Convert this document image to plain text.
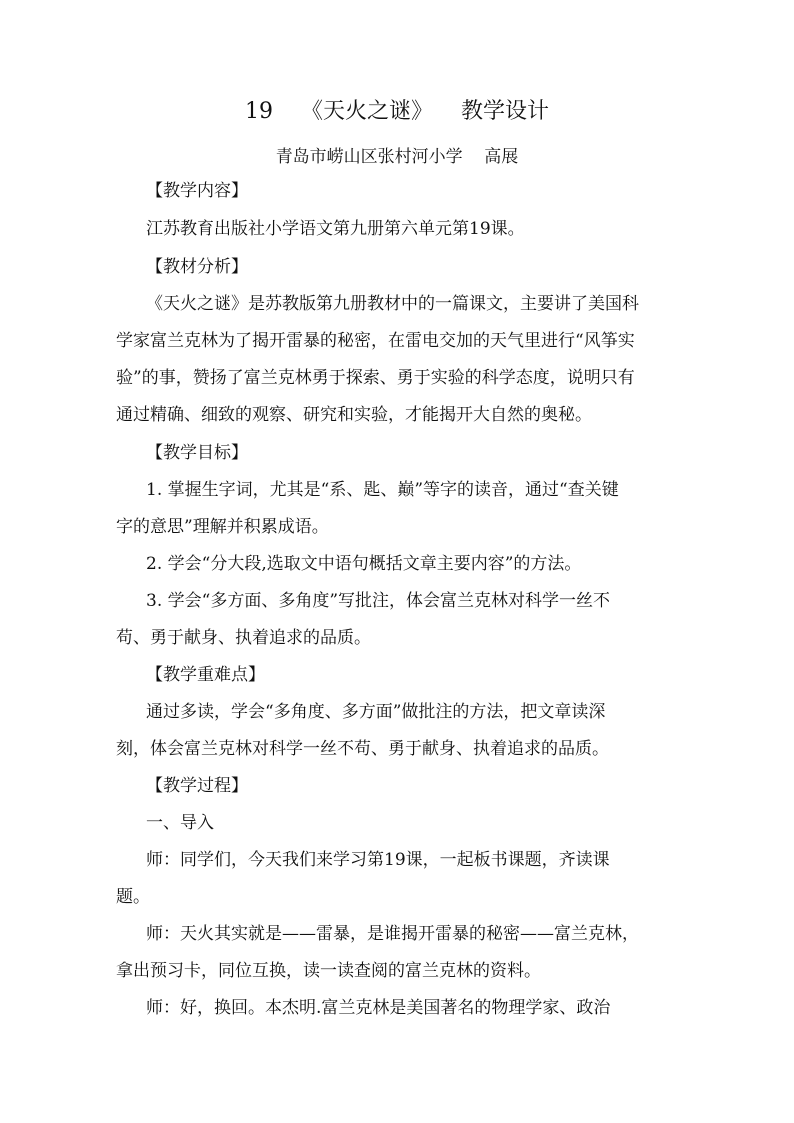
19    《天火之谜》    教学设计
青岛市崂山区张村河小学    高展
【教学内容】
江苏教育出版社小学语文第九册第六单元第19课。
【教材分析】
《天火之谜》是苏教版第九册教材中的一篇课文，主要讲了美国科
学家富兰克林为了揭开雷暴的秘密，在雷电交加的天气里进行“风筝实
验”的事，赞扬了富兰克林勇于探索、勇于实验的科学态度，说明只有
通过精确、细致的观察、研究和实验，才能揭开大自然的奥秘。
【教学目标】
1. 掌握生字词，尤其是“系、匙、巅”等字的读音，通过“查关键
字的意思”理解并积累成语。
2. 学会“分大段,选取文中语句概括文章主要内容”的方法。
3. 学会“多方面、多角度”写批注，体会富兰克林对科学一丝不
苟、勇于献身、执着追求的品质。
【教学重难点】
通过多读，学会“多角度、多方面”做批注的方法，把文章读深
刻，体会富兰克林对科学一丝不苟、勇于献身、执着追求的品质。
【教学过程】
一、导入
师：同学们，今天我们来学习第19课，一起板书课题，齐读课
题。
师：天火其实就是——雷暴，是谁揭开雷暴的秘密——富兰克林，
拿出预习卡，同位互换，读一读查阅的富兰克林的资料。
师：好，换回。本杰明.富兰克林是美国著名的物理学家、政治
